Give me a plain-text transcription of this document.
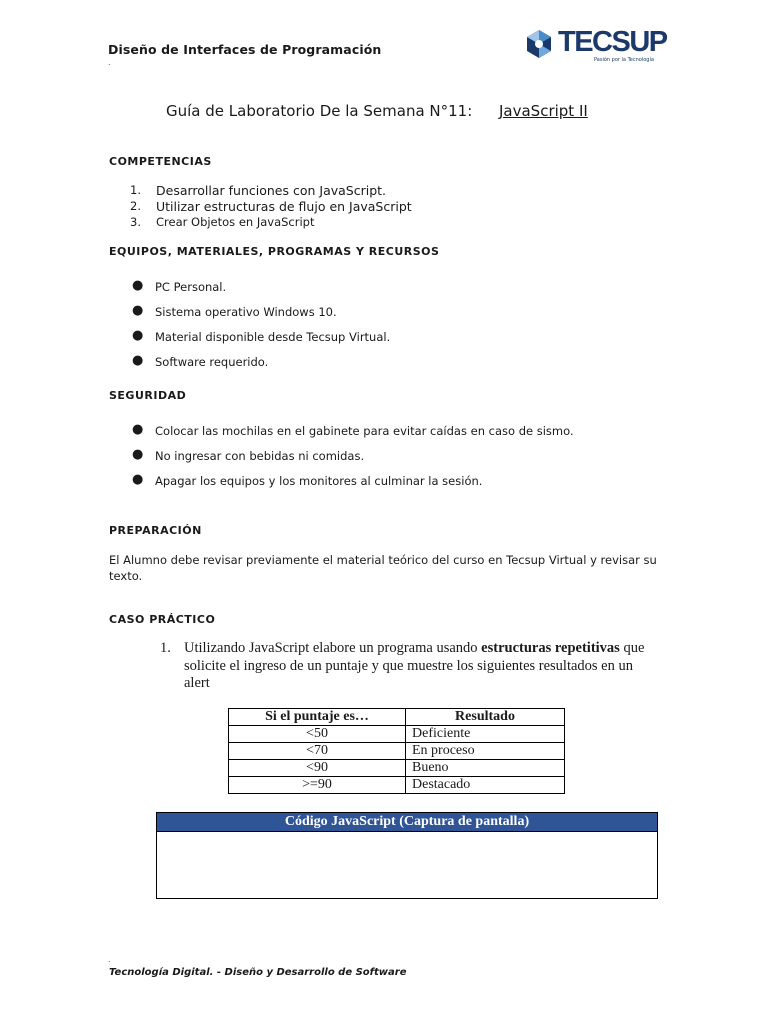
Diseño de Interfaces de Programación
.
TECSUP
Pasión por la Tecnología
Guía de Laboratorio De la Semana N°11: JavaScript II
COMPETENCIAS
1. Desarrollar funciones con JavaScript.
2. Utilizar estructuras de flujo en JavaScript
3. Crear Objetos en JavaScript
EQUIPOS, MATERIALES, PROGRAMAS Y RECURSOS
● PC Personal.
● Sistema operativo Windows 10.
● Material disponible desde Tecsup Virtual.
● Software requerido.
SEGURIDAD
● Colocar las mochilas en el gabinete para evitar caídas en caso de sismo.
● No ingresar con bebidas ni comidas.
● Apagar los equipos y los monitores al culminar la sesión.
PREPARACIÓN
El Alumno debe revisar previamente el material teórico del curso en Tecsup Virtual y revisar su texto.
CASO PRÁCTICO
1. Utilizando JavaScript elabore un programa usando estructuras repetitivas que solicite el ingreso de un puntaje y que muestre los siguientes resultados en un alert
Si el puntaje es…	Resultado
<50	Deficiente
<70	En proceso
<90	Bueno
>=90	Destacado
Código JavaScript (Captura de pantalla)
.
Tecnología Digital. - Diseño y Desarrollo de Software
